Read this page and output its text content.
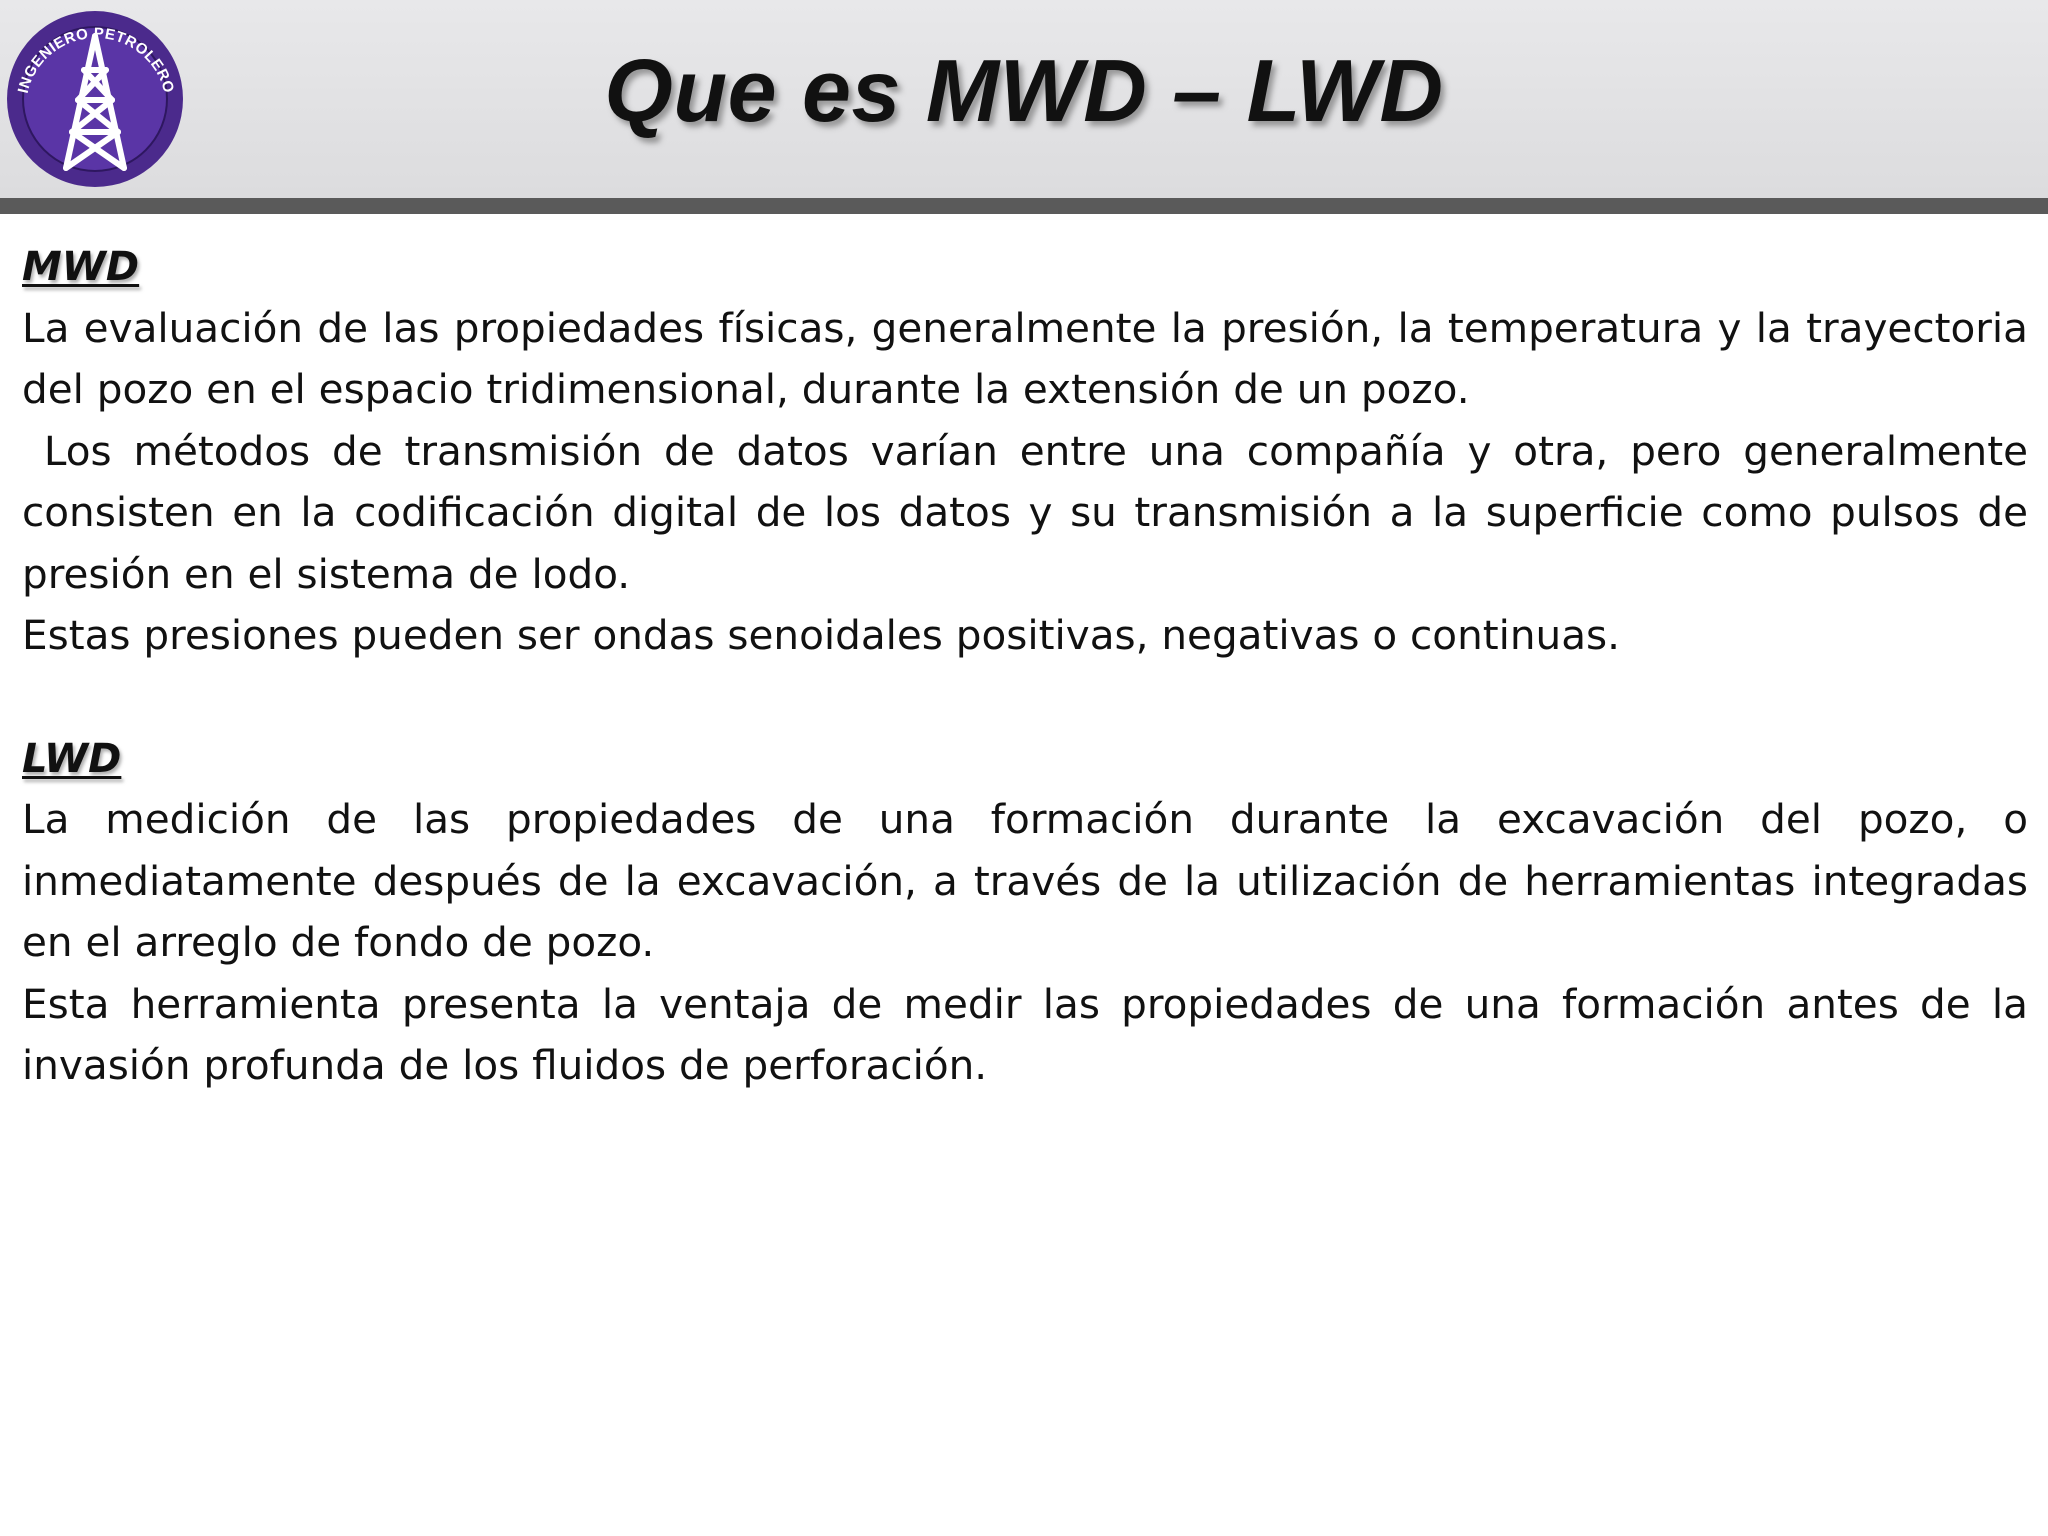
INGENIERO PETROLERO	Que es MWD – LWD
MWD

La evaluación de las propiedades físicas, generalmente la presión, la temperatura y la trayectoria del pozo en el espacio tridimensional, durante la extensión de un pozo.

Los métodos de transmisión de datos varían entre una compañía y otra, pero generalmente consisten en la codificación digital de los datos y su transmisión a la superficie como pulsos de presión en el sistema de lodo.

Estas presiones pueden ser ondas senoidales positivas, negativas o continuas.

LWD

La medición de las propiedades de una formación durante la excavación del pozo, o inmediatamente después de la excavación, a través de la utilización de herramientas integradas en el arreglo de fondo de pozo.

Esta herramienta presenta la ventaja de medir las propiedades de una formación antes de la invasión profunda de los fluidos de perforación.
